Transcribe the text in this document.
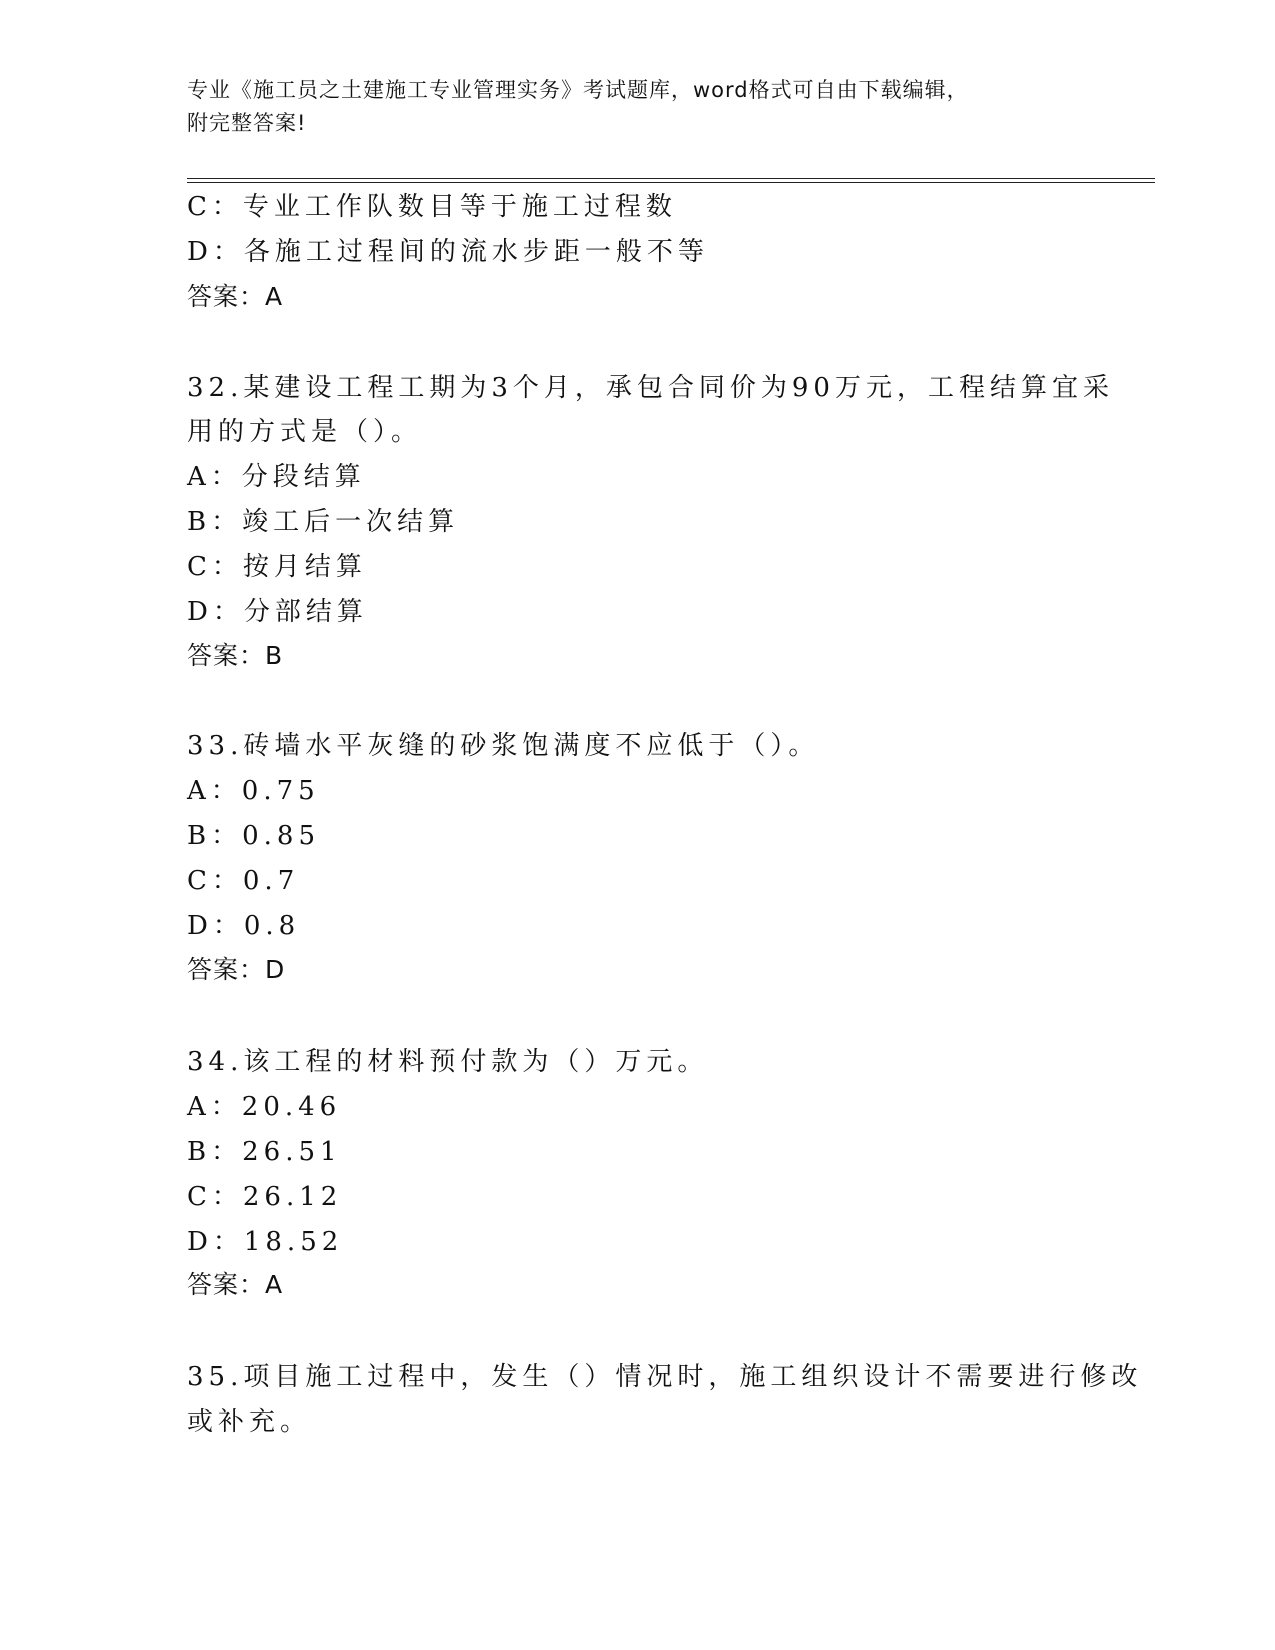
专业《施工员之土建施工专业管理实务》考试题库，word格式可自由下载编辑，
附完整答案!
C：专业工作队数目等于施工过程数
D：各施工过程间的流水步距一般不等
答案：A
32.某建设工程工期为3个月，承包合同价为90万元，工程结算宜采
用的方式是（）。
A：分段结算
B：竣工后一次结算
C：按月结算
D：分部结算
答案：B
33.砖墙水平灰缝的砂浆饱满度不应低于（）。
A：0.75
B：0.85
C：0.7
D：0.8
答案：D
34.该工程的材料预付款为（）万元。
A：20.46
B：26.51
C：26.12
D：18.52
答案：A
35.项目施工过程中，发生（）情况时，施工组织设计不需要进行修改
或补充。
